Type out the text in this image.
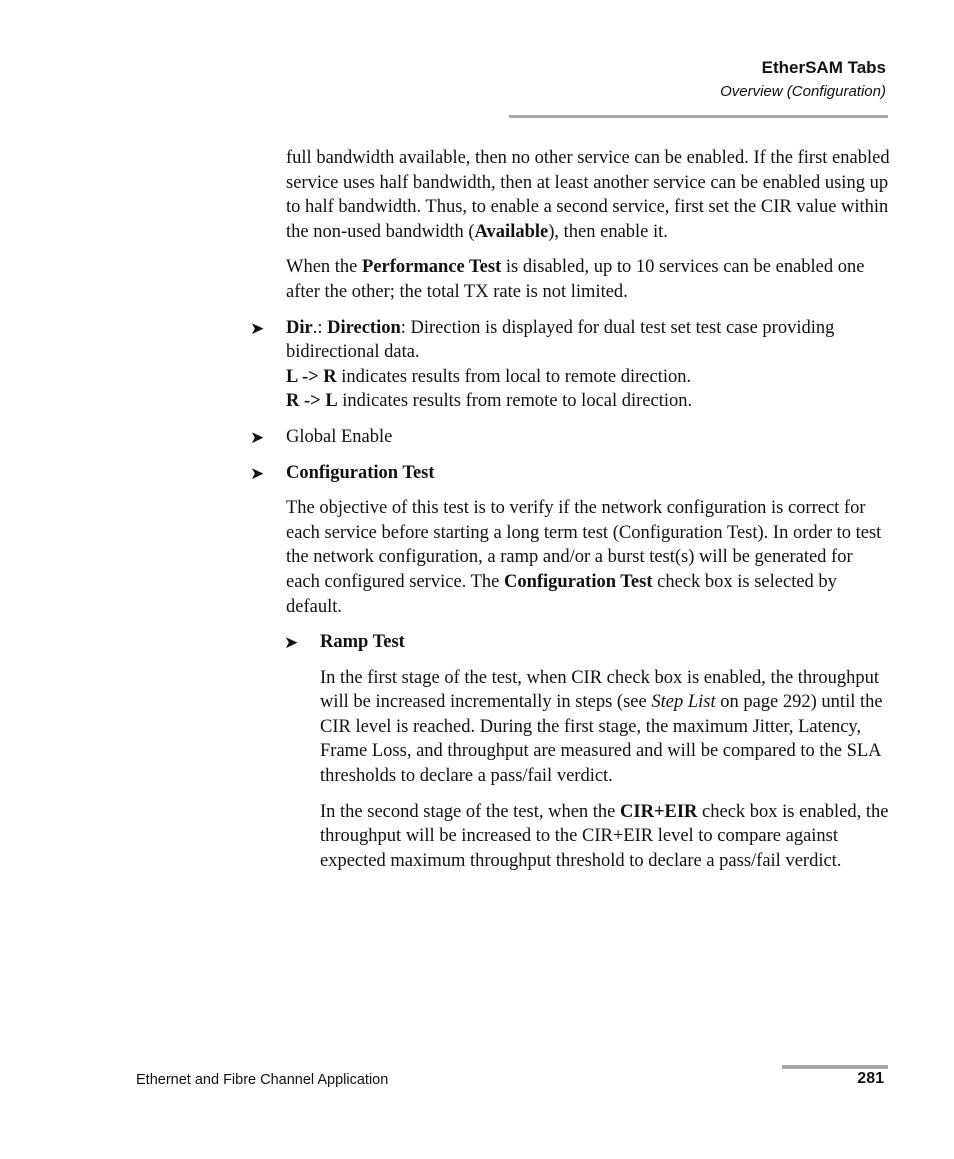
EtherSAM Tabs
Overview (Configuration)

full bandwidth available, then no other service can be enabled. If the first enabled service uses half bandwidth, then at least another service can be enabled using up to half bandwidth. Thus, to enable a second service, first set the CIR value within the non-used bandwidth (Available), then enable it.

When the Performance Test is disabled, up to 10 services can be enabled one after the other; the total TX rate is not limited.

➤ Dir.: Direction: Direction is displayed for dual test set test case providing bidirectional data.
L -> R indicates results from local to remote direction.
R -> L indicates results from remote to local direction.
➤ Global Enable
➤ Configuration Test

The objective of this test is to verify if the network configuration is correct for each service before starting a long term test (Configuration Test). In order to test the network configuration, a ramp and/or a burst test(s) will be generated for each configured service. The Configuration Test check box is selected by default.

➤ Ramp Test

In the first stage of the test, when CIR check box is enabled, the throughput will be increased incrementally in steps (see Step List on page 292) until the CIR level is reached. During the first stage, the maximum Jitter, Latency, Frame Loss, and throughput are measured and will be compared to the SLA thresholds to declare a pass/fail verdict.

In the second stage of the test, when the CIR+EIR check box is enabled, the throughput will be increased to the CIR+EIR level to compare against expected maximum throughput threshold to declare a pass/fail verdict.

Ethernet and Fibre Channel Application	281
